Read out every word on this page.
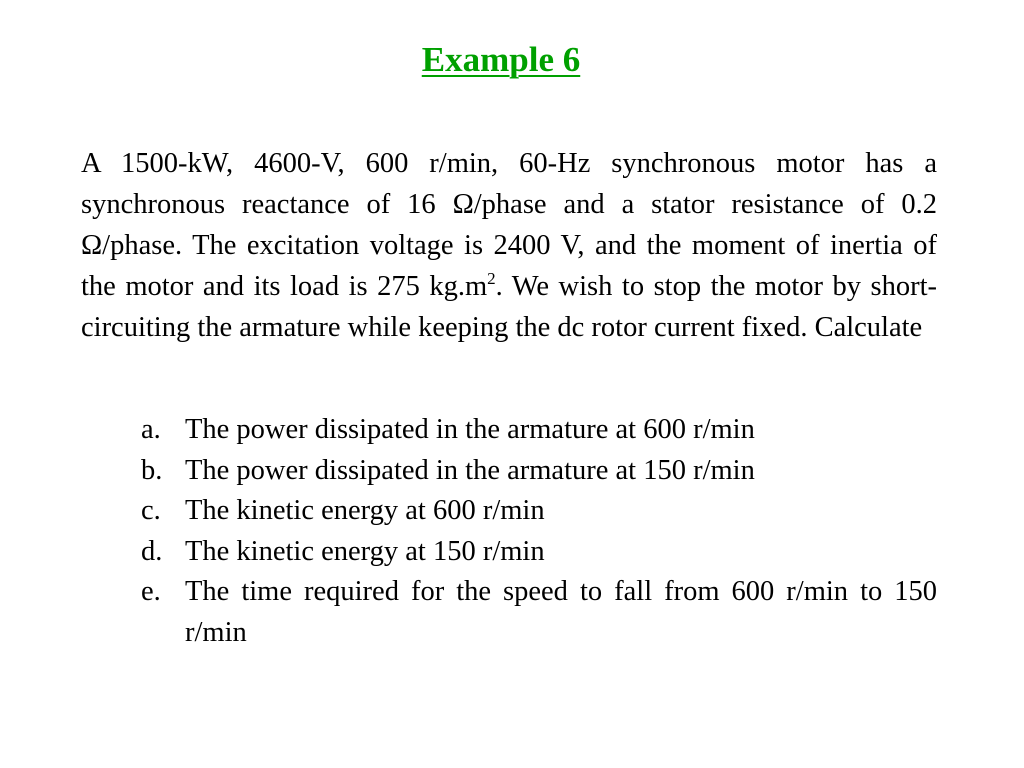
Example 6

A 1500-kW, 4600-V, 600 r/min, 60-Hz synchronous motor has a synchronous reactance of 16 Ω/phase and a stator resistance of 0.2 Ω/phase. The excitation voltage is 2400 V, and the moment of inertia of the motor and its load is 275 $kg.m^2$. We wish to stop the motor by short-circuiting the armature while keeping the dc rotor current fixed. Calculate

a. The power dissipated in the armature at 600 r/min
b. The power dissipated in the armature at 150 r/min
c. The kinetic energy at 600 r/min
d. The kinetic energy at 150 r/min
e. The time required for the speed to fall from 600 r/min to 150 r/min
